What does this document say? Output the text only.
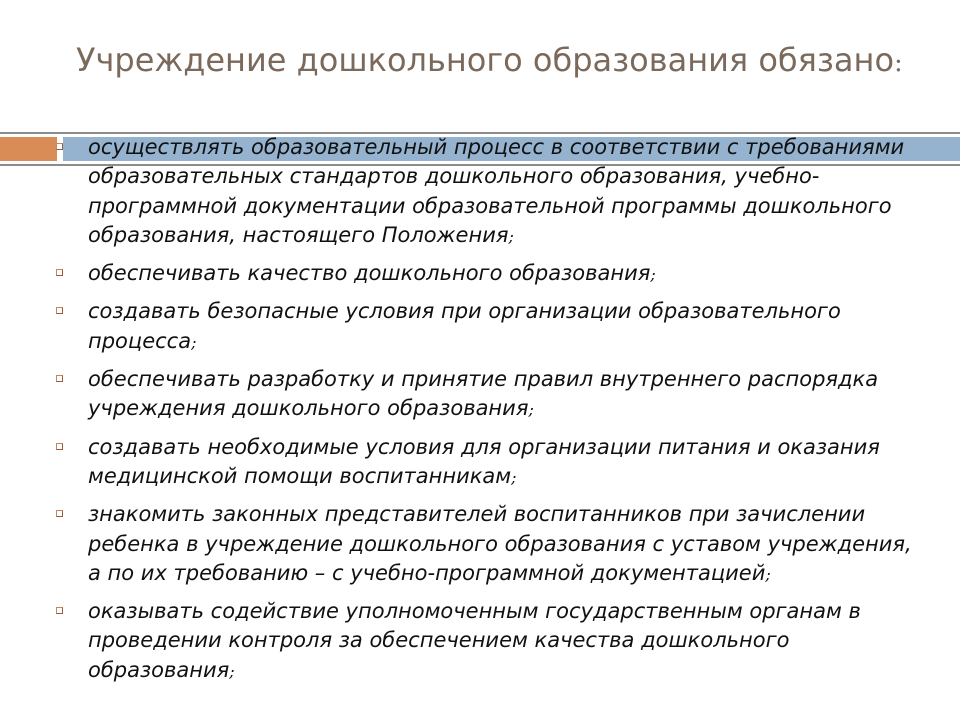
Учреждение дошкольного образования обязано:
осуществлять образовательный процесс в соответствии с требованиями образовательных стандартов дошкольного образования, учебно-программной документации образовательной программы дошкольного образования, настоящего Положения;
обеспечивать качество дошкольного образования;
создавать безопасные условия при организации образовательного процесса;
обеспечивать разработку и принятие правил внутреннего распорядка учреждения дошкольного образования;
создавать необходимые условия для организации питания и оказания медицинской помощи воспитанникам;
знакомить законных представителей воспитанников при зачислении ребенка в учреждение дошкольного образования с уставом учреждения, а по их требованию – с учебно-программной документацией;
оказывать содействие уполномоченным государственным органам в проведении контроля за обеспечением качества дошкольного образования;
